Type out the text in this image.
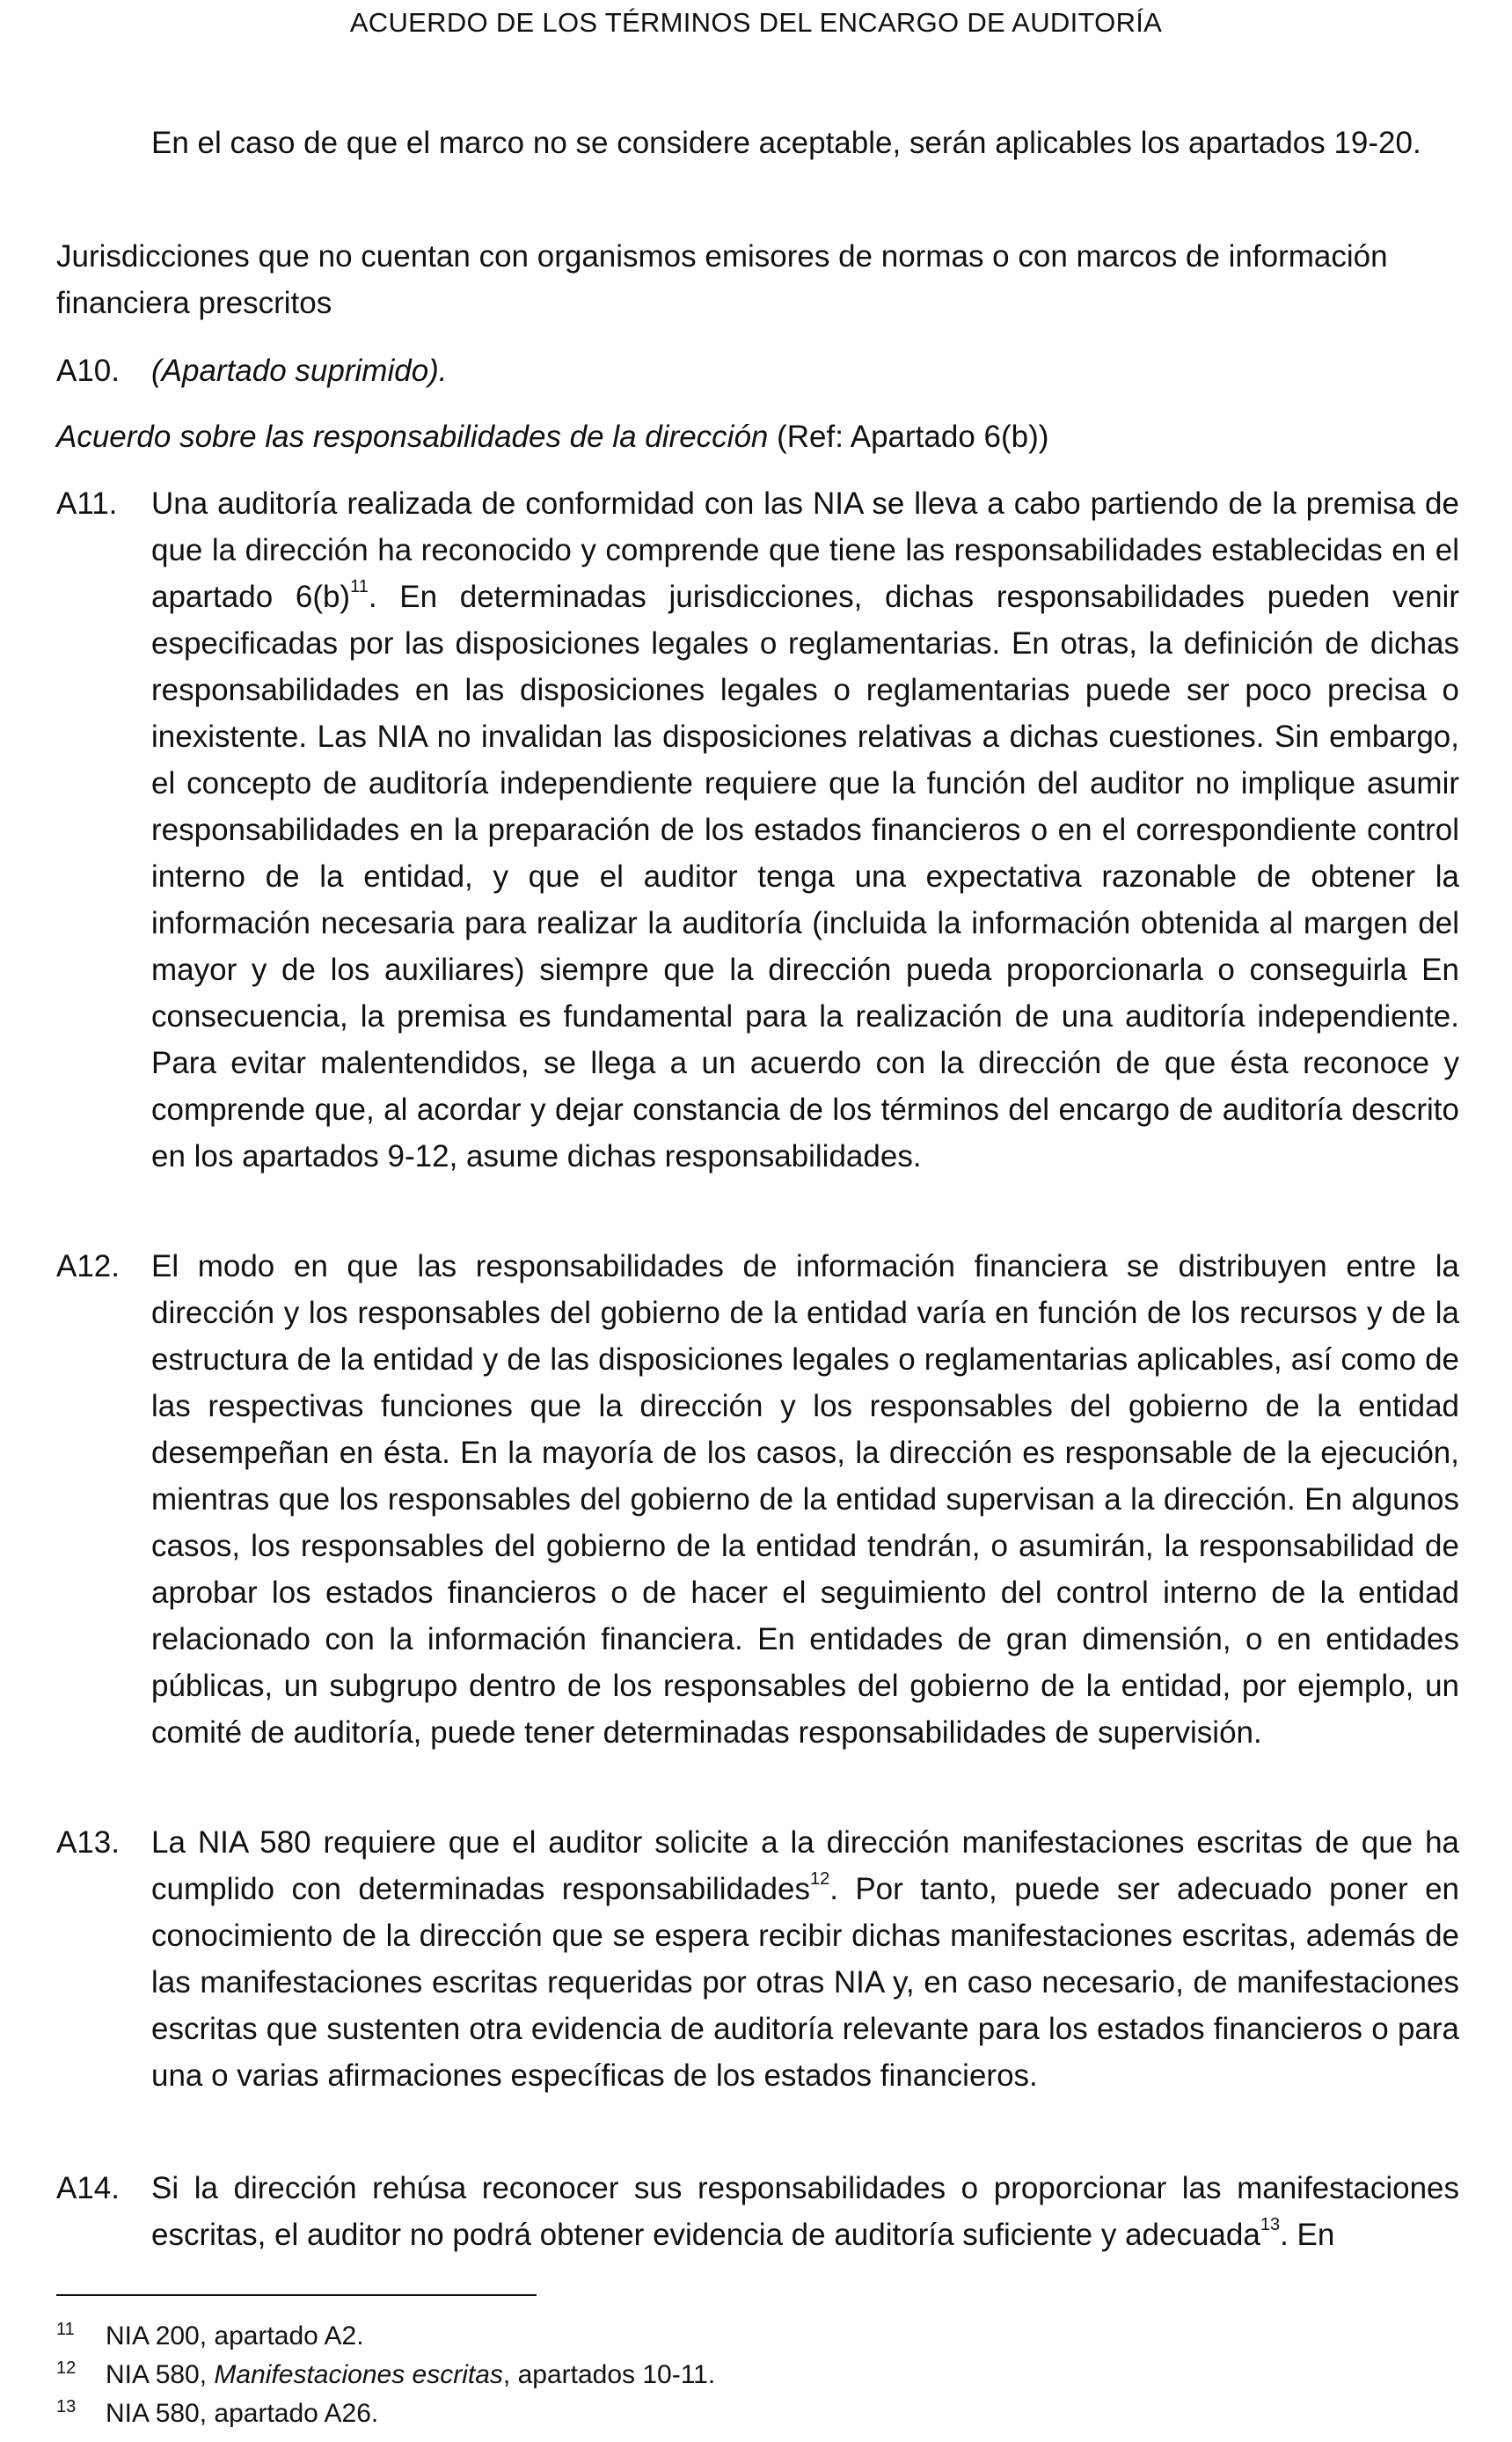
ACUERDO DE LOS TÉRMINOS DEL ENCARGO DE AUDITORÍA
En el caso de que el marco no se considere aceptable, serán aplicables los apartados 19-20.
Jurisdicciones que no cuentan con organismos emisores de normas o con marcos de información financiera prescritos
A10.	(Apartado suprimido).
Acuerdo sobre las responsabilidades de la dirección (Ref: Apartado 6(b))
A11.	Una auditoría realizada de conformidad con las NIA se lleva a cabo partiendo de la premisa de que la dirección ha reconocido y comprende que tiene las responsabilidades establecidas en el apartado $6(b)^{11}$. En determinadas jurisdicciones, dichas responsabilidades pueden venir especificadas por las disposiciones legales o reglamentarias. En otras, la definición de dichas responsabilidades en las disposiciones legales o reglamentarias puede ser poco precisa o inexistente. Las NIA no invalidan las disposiciones relativas a dichas cuestiones. Sin embargo, el concepto de auditoría independiente requiere que la función del auditor no implique asumir responsabilidades en la preparación de los estados financieros o en el correspondiente control interno de la entidad, y que el auditor tenga una expectativa razonable de obtener la información necesaria para realizar la auditoría (incluida la información obtenida al margen del mayor y de los auxiliares) siempre que la dirección pueda proporcionarla o conseguirla En consecuencia, la premisa es fundamental para la realización de una auditoría independiente. Para evitar malentendidos, se llega a un acuerdo con la dirección de que ésta reconoce y comprende que, al acordar y dejar constancia de los términos del encargo de auditoría descrito en los apartados 9-12, asume dichas responsabilidades.
A12.	El modo en que las responsabilidades de información financiera se distribuyen entre la dirección y los responsables del gobierno de la entidad varía en función de los recursos y de la estructura de la entidad y de las disposiciones legales o reglamentarias aplicables, así como de las respectivas funciones que la dirección y los responsables del gobierno de la entidad desempeñan en ésta. En la mayoría de los casos, la dirección es responsable de la ejecución, mientras que los responsables del gobierno de la entidad supervisan a la dirección. En algunos casos, los responsables del gobierno de la entidad tendrán, o asumirán, la responsabilidad de aprobar los estados financieros o de hacer el seguimiento del control interno de la entidad relacionado con la información financiera. En entidades de gran dimensión, o en entidades públicas, un subgrupo dentro de los responsables del gobierno de la entidad, por ejemplo, un comité de auditoría, puede tener determinadas responsabilidades de supervisión.
A13.	La NIA 580 requiere que el auditor solicite a la dirección manifestaciones escritas de que ha cumplido con determinadas responsabilidades$^{12}$. Por tanto, puede ser adecuado poner en conocimiento de la dirección que se espera recibir dichas manifestaciones escritas, además de las manifestaciones escritas requeridas por otras NIA y, en caso necesario, de manifestaciones escritas que sustenten otra evidencia de auditoría relevante para los estados financieros o para una o varias afirmaciones específicas de los estados financieros.
A14.	Si la dirección rehúsa reconocer sus responsabilidades o proporcionar las manifestaciones escritas, el auditor no podrá obtener evidencia de auditoría suficiente y adecuada$^{13}$. En
11	NIA 200, apartado A2.
12	NIA 580, Manifestaciones escritas, apartados 10-11.
13	NIA 580, apartado A26.
